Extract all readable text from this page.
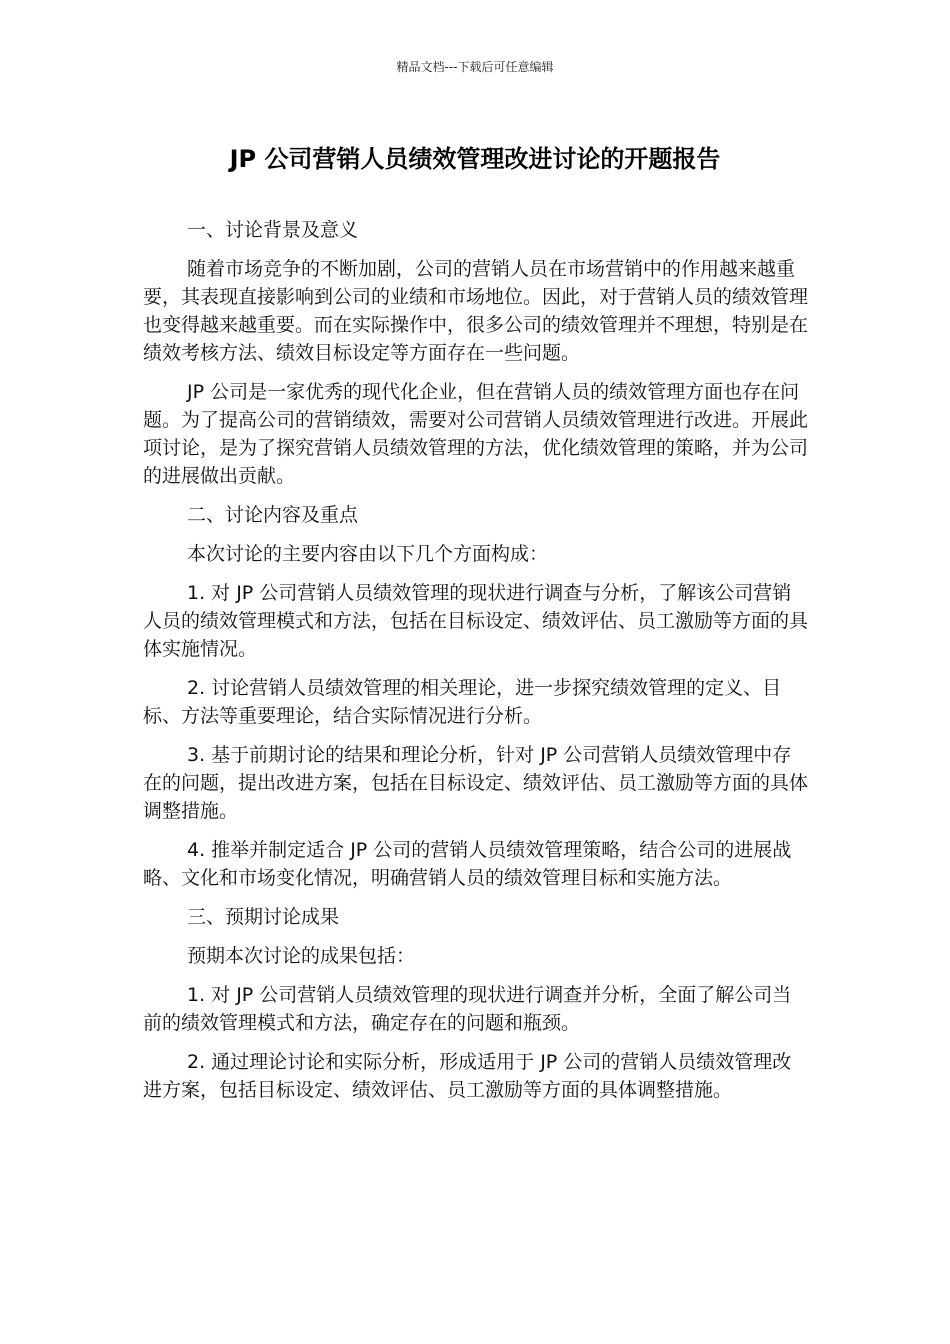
精品文档---下载后可任意编辑
JP 公司营销人员绩效管理改进讨论的开题报告

一、讨论背景及意义

随着市场竞争的不断加剧，公司的营销人员在市场营销中的作用越来越重要，其表现直接影响到公司的业绩和市场地位。因此，对于营销人员的绩效管理也变得越来越重要。而在实际操作中，很多公司的绩效管理并不理想，特别是在绩效考核方法、绩效目标设定等方面存在一些问题。

JP 公司是一家优秀的现代化企业，但在营销人员的绩效管理方面也存在问题。为了提高公司的营销绩效，需要对公司营销人员绩效管理进行改进。开展此项讨论，是为了探究营销人员绩效管理的方法，优化绩效管理的策略，并为公司的进展做出贡献。

二、讨论内容及重点

本次讨论的主要内容由以下几个方面构成：

1. 对 JP 公司营销人员绩效管理的现状进行调查与分析，了解该公司营销人员的绩效管理模式和方法，包括在目标设定、绩效评估、员工激励等方面的具体实施情况。

2. 讨论营销人员绩效管理的相关理论，进一步探究绩效管理的定义、目标、方法等重要理论，结合实际情况进行分析。

3. 基于前期讨论的结果和理论分析，针对 JP 公司营销人员绩效管理中存在的问题，提出改进方案，包括在目标设定、绩效评估、员工激励等方面的具体调整措施。

4. 推举并制定适合 JP 公司的营销人员绩效管理策略，结合公司的进展战略、文化和市场变化情况，明确营销人员的绩效管理目标和实施方法。

三、预期讨论成果

预期本次讨论的成果包括：

1. 对 JP 公司营销人员绩效管理的现状进行调查并分析，全面了解公司当前的绩效管理模式和方法，确定存在的问题和瓶颈。

2. 通过理论讨论和实际分析，形成适用于 JP 公司的营销人员绩效管理改进方案，包括目标设定、绩效评估、员工激励等方面的具体调整措施。
